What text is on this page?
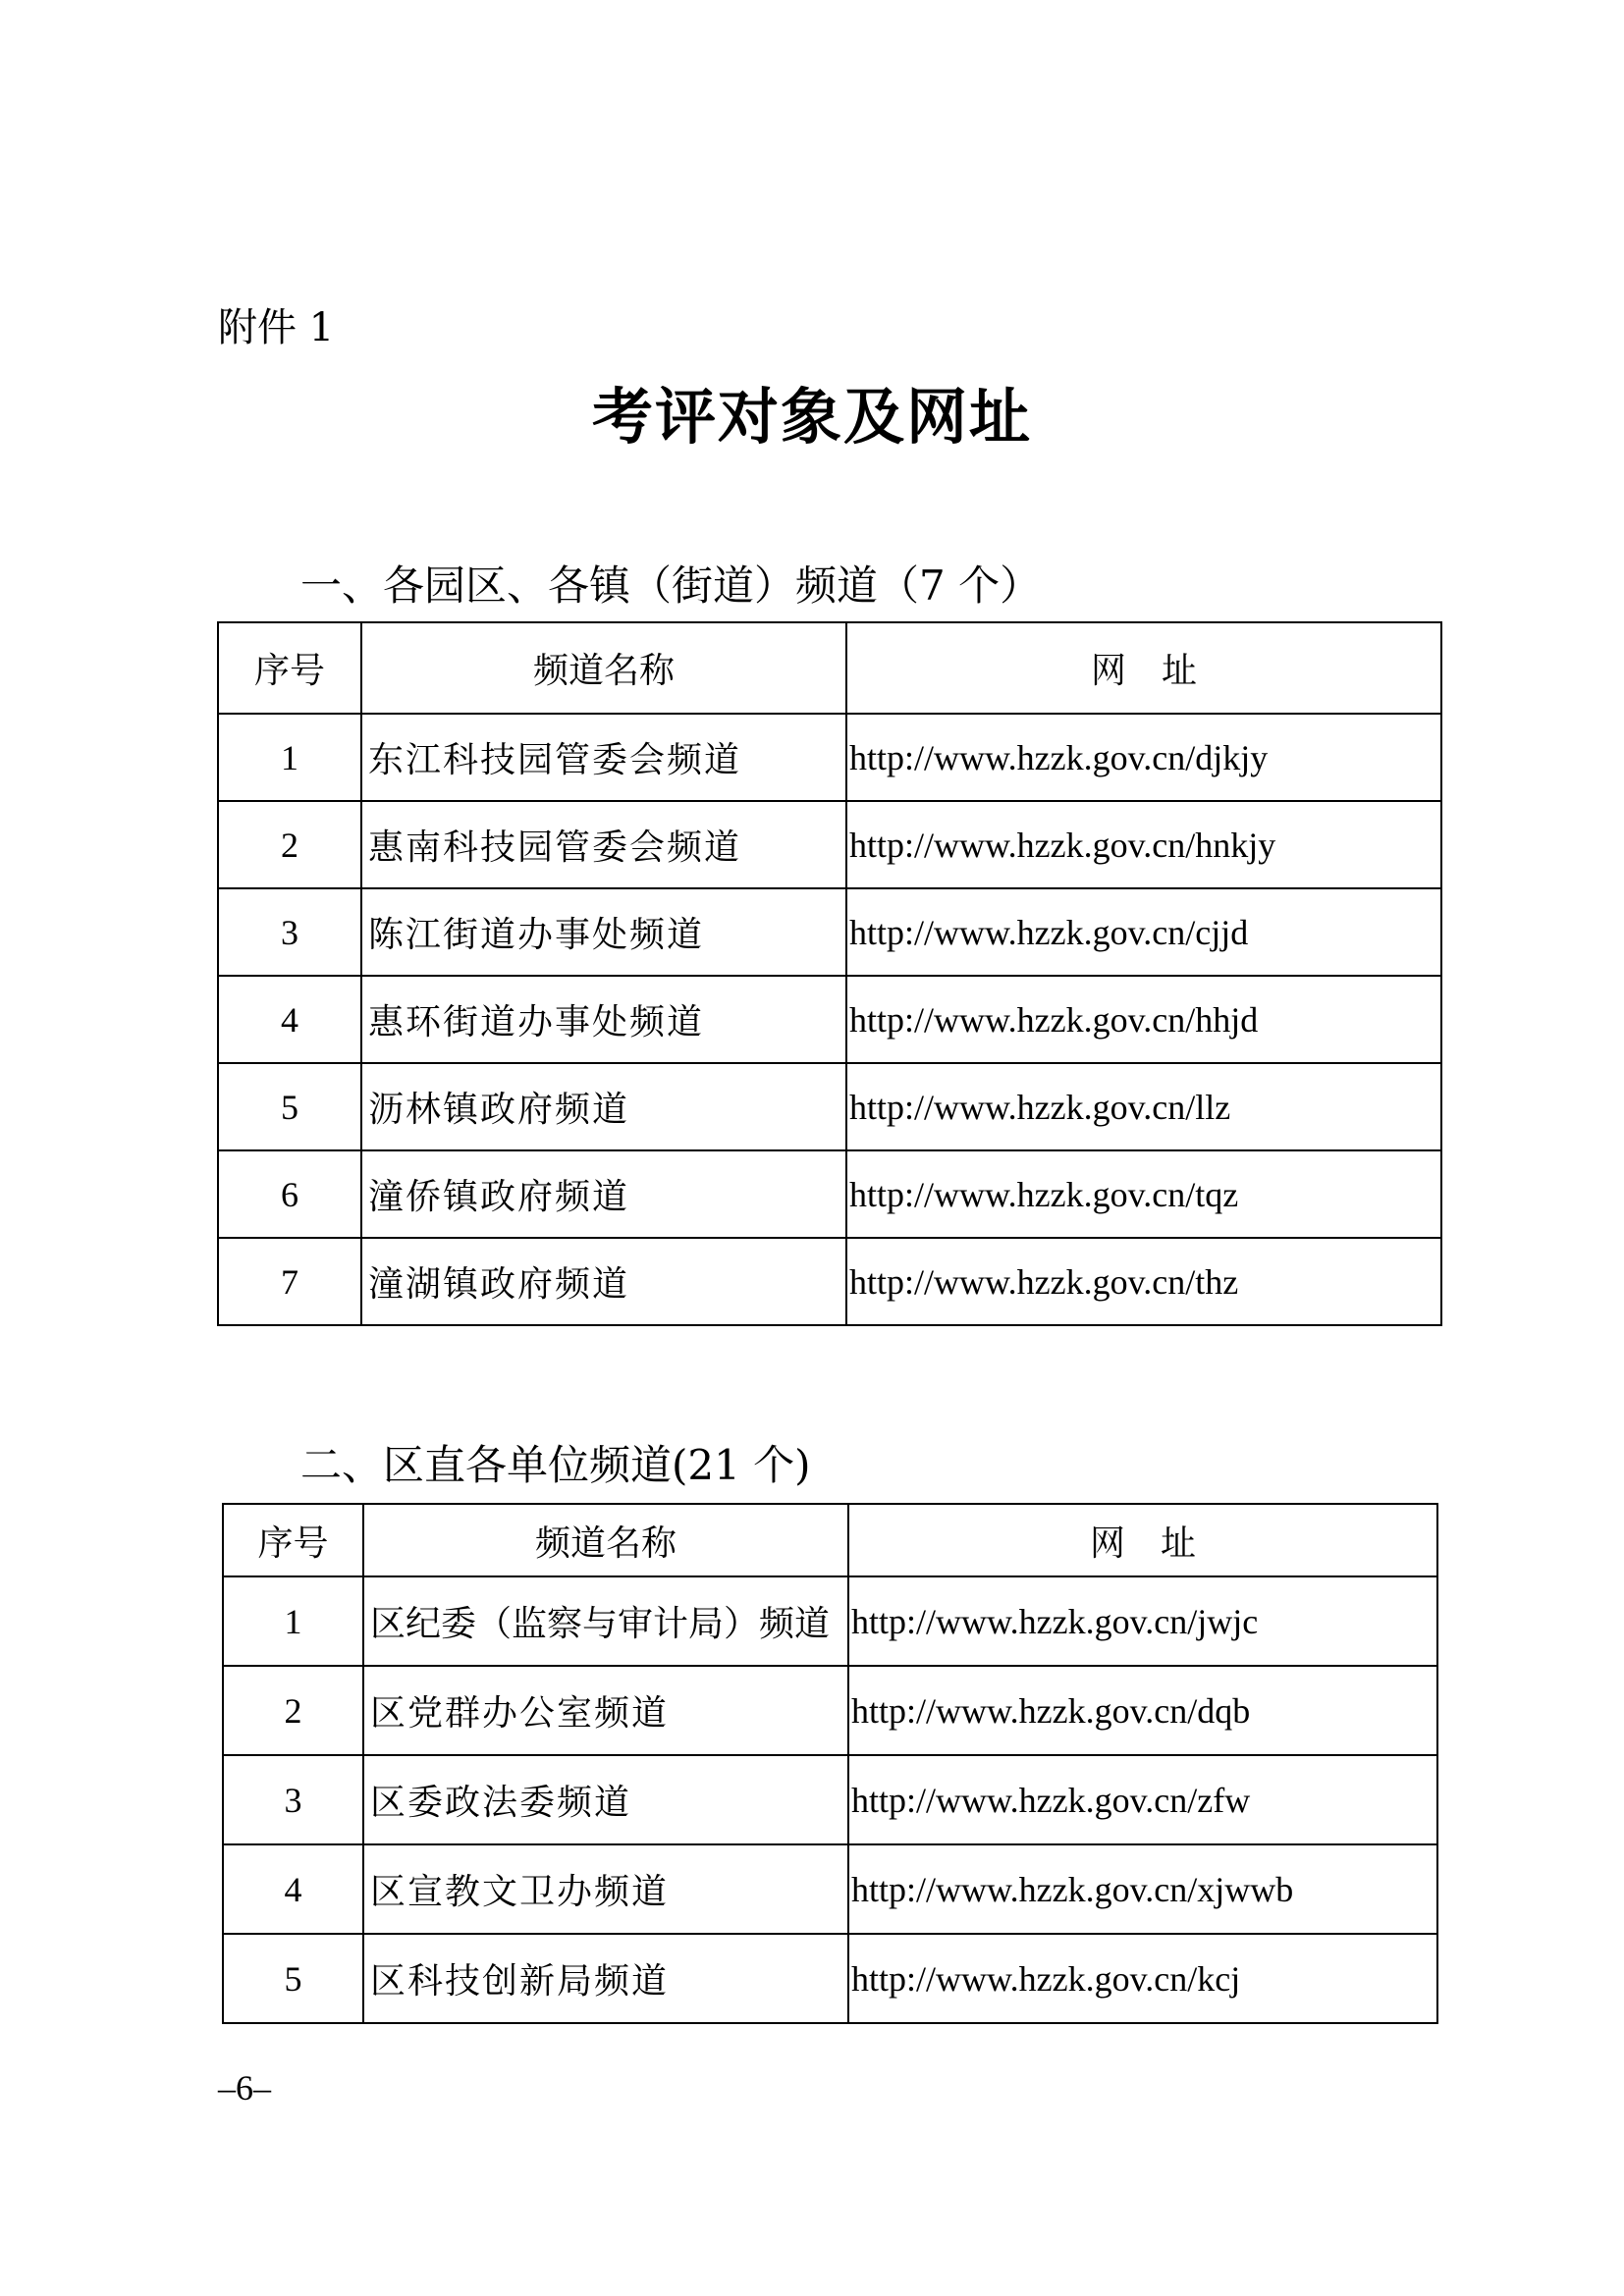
附件 1
考评对象及网址
一、各园区、各镇（街道）频道（7 个）
序号	频道名称	网　址
1	东江科技园管委会频道	http://www.hzzk.gov.cn/djkjy
2	惠南科技园管委会频道	http://www.hzzk.gov.cn/hnkjy
3	陈江街道办事处频道	http://www.hzzk.gov.cn/cjjd
4	惠环街道办事处频道	http://www.hzzk.gov.cn/hhjd
5	沥林镇政府频道	http://www.hzzk.gov.cn/llz
6	潼侨镇政府频道	http://www.hzzk.gov.cn/tqz
7	潼湖镇政府频道	http://www.hzzk.gov.cn/thz
二、区直各单位频道(21 个)
序号	频道名称	网　址
1	区纪委（监察与审计局）频道	http://www.hzzk.gov.cn/jwjc
2	区党群办公室频道	http://www.hzzk.gov.cn/dqb
3	区委政法委频道	http://www.hzzk.gov.cn/zfw
4	区宣教文卫办频道	http://www.hzzk.gov.cn/xjwwb
5	区科技创新局频道	http://www.hzzk.gov.cn/kcj
–6–
